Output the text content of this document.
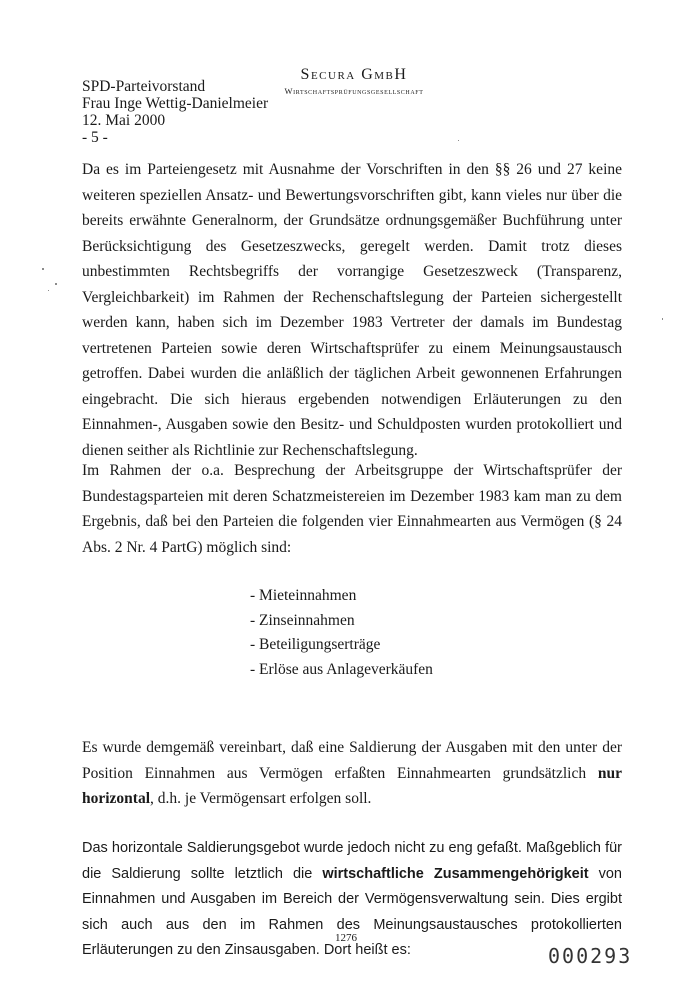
SPD-Parteivorstand
Frau Inge Wettig-Danielmeier
12. Mai 2000
- 5 -
Secura GmbH
Wirtschaftsprüfungsgesellschaft

Da es im Parteiengesetz mit Ausnahme der Vorschriften in den §§ 26 und 27 keine weiteren speziellen Ansatz- und Bewertungsvorschriften gibt, kann vieles nur über die bereits erwähnte Generalnorm, der Grundsätze ordnungsgemäßer Buchführung unter Berücksichtigung des Gesetzeszwecks, geregelt werden. Damit trotz dieses unbestimmten Rechtsbegriffs der vorrangige Gesetzeszweck (Transparenz, Vergleichbarkeit) im Rahmen der Rechenschaftslegung der Parteien sichergestellt werden kann, haben sich im Dezember 1983 Vertreter der damals im Bundestag vertretenen Parteien sowie deren Wirtschaftsprüfer zu einem Meinungsaustausch getroffen. Dabei wurden die anläßlich der täglichen Arbeit gewonnenen Erfahrungen eingebracht. Die sich hieraus ergebenden notwendigen Erläuterungen zu den Einnahmen-, Ausgaben sowie den Besitz- und Schuldposten wurden protokolliert und dienen seither als Richtlinie zur Rechenschaftslegung.

Im Rahmen der o.a. Besprechung der Arbeitsgruppe der Wirtschaftsprüfer der Bundestagsparteien mit deren Schatzmeistereien im Dezember 1983 kam man zu dem Ergebnis, daß bei den Parteien die folgenden vier Einnahmearten aus Vermögen (§ 24 Abs. 2 Nr. 4 PartG) möglich sind:

- Mieteinnahmen
- Zinseinnahmen
- Beteiligungserträge
- Erlöse aus Anlageverkäufen

Es wurde demgemäß vereinbart, daß eine Saldierung der Ausgaben mit den unter der Position Einnahmen aus Vermögen erfaßten Einnahmearten grundsätzlich nur horizontal, d.h. je Vermögensart erfolgen soll.

Das horizontale Saldierungsgebot wurde jedoch nicht zu eng gefaßt. Maßgeblich für die Saldierung sollte letztlich die wirtschaftliche Zusammengehörigkeit von Einnahmen und Ausgaben im Bereich der Vermögensverwaltung sein. Dies ergibt sich auch aus den im Rahmen des Meinungsaustausches protokollierten Erläuterungen zu den Zinsausgaben. Dort heißt es:

1276
000293
